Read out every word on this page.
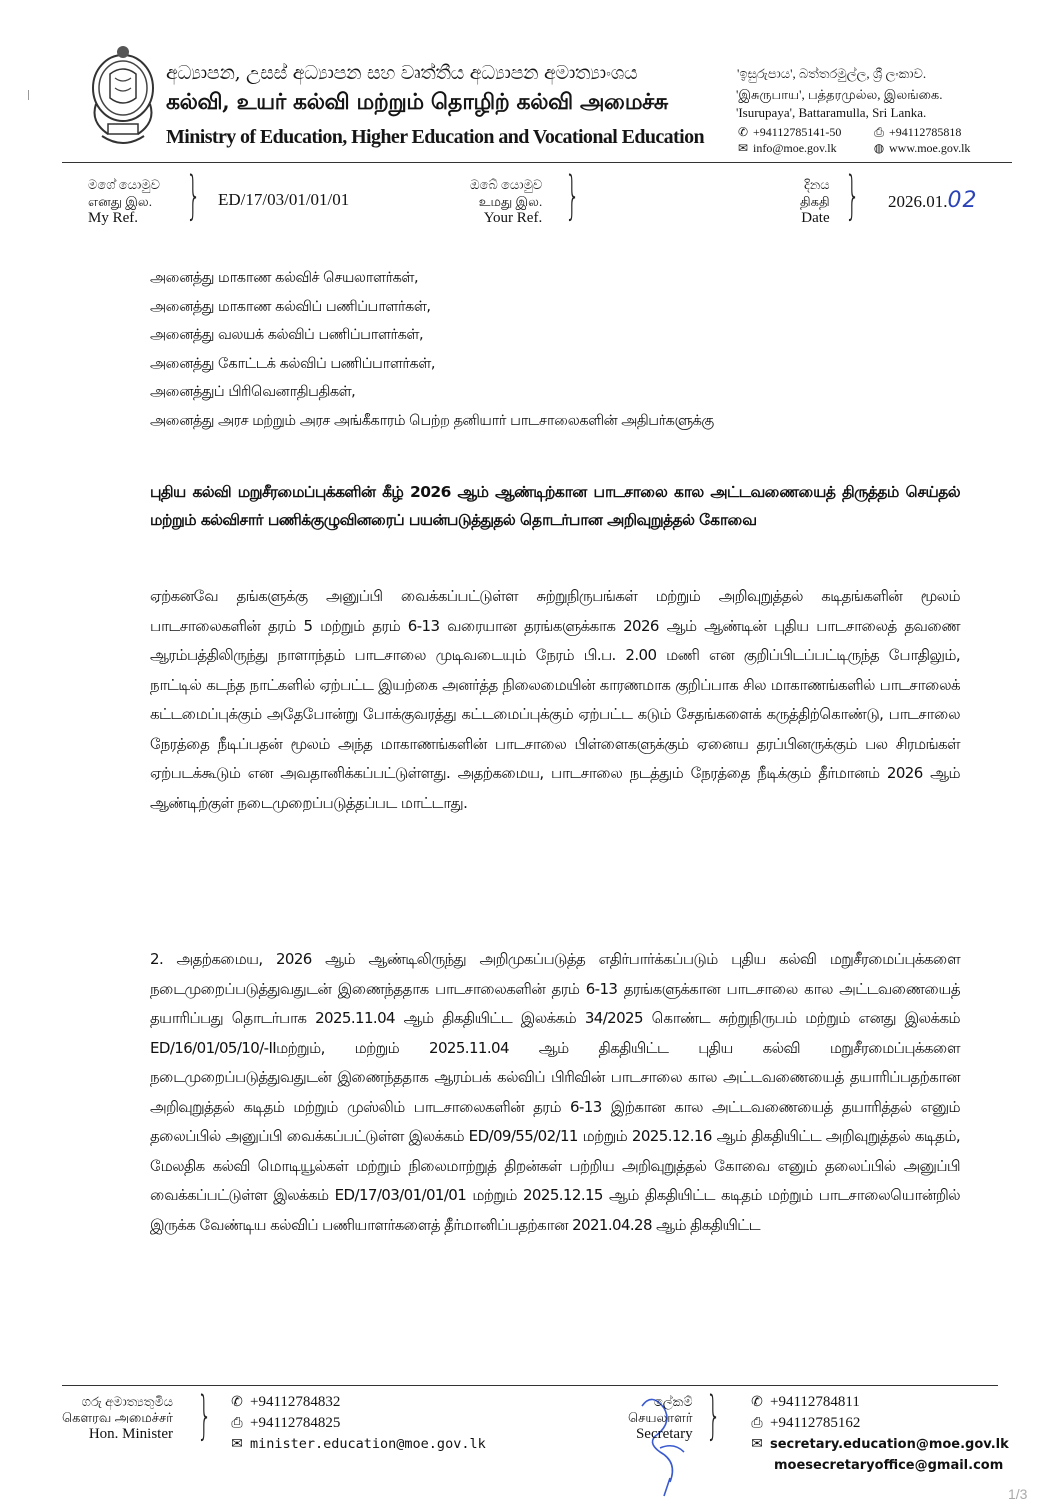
අධ්‍යාපන, උසස් අධ්‍යාපන සහ වෘත්තීය අධ්‍යාපන අමාත්‍යාංශය
கல்வி, உயர் கல்வி மற்றும் தொழிற் கல்வி அமைச்சு
Ministry of Education, Higher Education and Vocational Education
'ඉසුරුපාය', බත්තරමුල්ල, ශ්‍රී ලංකාව.
'இசுருபாய', பத்தரமுல்ல, இலங்கை.
'Isurupaya', Battaramulla, Sri Lanka.
✆ +94112785141-50	⎙ +94112785818
✉ info@moe.gov.lk	◍ www.moe.gov.lk
මගේ යොමුව
எனது இல.
My Ref. } ED/17/03/01/01/01
ඔබේ යොමුව
உமது இல.
Your Ref. }	දිනය
திகதி
Date } 2026.01.02
அனைத்து மாகாண கல்விச் செயலாளர்கள்,
அனைத்து மாகாண கல்விப் பணிப்பாளர்கள்,
அனைத்து வலயக் கல்விப் பணிப்பாளர்கள்,
அனைத்து கோட்டக் கல்விப் பணிப்பாளர்கள்,
அனைத்துப் பிரிவெனாதிபதிகள்,
அனைத்து அரச மற்றும் அரச அங்கீகாரம் பெற்ற தனியார் பாடசாலைகளின் அதிபர்களுக்கு
புதிய கல்வி மறுசீரமைப்புக்களின் கீழ் 2026 ஆம் ஆண்டிற்கான பாடசாலை கால அட்டவணையைத் திருத்தம் செய்தல் மற்றும் கல்விசார் பணிக்குழுவினரைப் பயன்படுத்துதல் தொடர்பான அறிவுறுத்தல் கோவை
ஏற்கனவே தங்களுக்கு அனுப்பி வைக்கப்பட்டுள்ள சுற்றுநிருபங்கள் மற்றும் அறிவுறுத்தல் கடிதங்களின் மூலம் பாடசாலைகளின் தரம் 5 மற்றும் தரம் 6-13 வரையான தரங்களுக்காக 2026 ஆம் ஆண்டின் புதிய பாடசாலைத் தவணை ஆரம்பத்திலிருந்து நாளாந்தம் பாடசாலை முடிவடையும் நேரம் பி.ப. 2.00 மணி என குறிப்பிடப்பட்டிருந்த போதிலும், நாட்டில் கடந்த நாட்களில் ஏற்பட்ட இயற்கை அனர்த்த நிலைமையின் காரணமாக குறிப்பாக சில மாகாணங்களில் பாடசாலைக் கட்டமைப்புக்கும் அதேபோன்று போக்குவரத்து கட்டமைப்புக்கும் ஏற்பட்ட கடும் சேதங்களைக் கருத்திற்கொண்டு, பாடசாலை நேரத்தை நீடிப்பதன் மூலம் அந்த மாகாணங்களின் பாடசாலை பிள்ளைகளுக்கும் ஏனைய தரப்பினருக்கும் பல சிரமங்கள் ஏற்படக்கூடும் என அவதானிக்கப்பட்டுள்ளது. அதற்கமைய, பாடசாலை நடத்தும் நேரத்தை நீடிக்கும் தீர்மானம் 2026 ஆம் ஆண்டிற்குள் நடைமுறைப்படுத்தப்பட மாட்டாது.
2. அதற்கமைய, 2026 ஆம் ஆண்டிலிருந்து அறிமுகப்படுத்த எதிர்பார்க்கப்படும் புதிய கல்வி மறுசீரமைப்புக்களை நடைமுறைப்படுத்துவதுடன் இணைந்ததாக பாடசாலைகளின் தரம் 6-13 தரங்களுக்கான பாடசாலை கால அட்டவணையைத் தயாரிப்பது தொடர்பாக 2025.11.04 ஆம் திகதியிட்ட இலக்கம் 34/2025 கொண்ட சுற்றுநிருபம் மற்றும் எனது இலக்கம் ED/16/01/05/10/-IIமற்றும், மற்றும் 2025.11.04 ஆம் திகதியிட்ட புதிய கல்வி மறுசீரமைப்புக்களை நடைமுறைப்படுத்துவதுடன் இணைந்ததாக ஆரம்பக் கல்விப் பிரிவின் பாடசாலை கால அட்டவணையைத் தயாரிப்பதற்கான அறிவுறுத்தல் கடிதம் மற்றும் முஸ்லிம் பாடசாலைகளின் தரம் 6-13 இற்கான கால அட்டவணையைத் தயாரித்தல் எனும் தலைப்பில் அனுப்பி வைக்கப்பட்டுள்ள இலக்கம் ED/09/55/02/11 மற்றும் 2025.12.16 ஆம் திகதியிட்ட அறிவுறுத்தல் கடிதம், மேலதிக கல்வி மொடியூல்கள் மற்றும் நிலைமாற்றுத் திறன்கள் பற்றிய அறிவுறுத்தல் கோவை எனும் தலைப்பில் அனுப்பி வைக்கப்பட்டுள்ள இலக்கம் ED/17/03/01/01/01 மற்றும் 2025.12.15 ஆம் திகதியிட்ட கடிதம் மற்றும் பாடசாலையொன்றில் இருக்க வேண்டிய கல்விப் பணியாளர்களைத் தீர்மானிப்பதற்கான 2021.04.28 ஆம் திகதியிட்ட
ගරු අමාත්‍යතුමිය
கௌரவ அமைச்சர்
Hon. Minister } ✆ +94112784832
⎙ +94112784825
✉ minister.education@moe.gov.lk
ලේකම්
செயலாளர்
Secretary } ✆ +94112784811
⎙ +94112785162
✉ secretary.education@moe.gov.lk
moesecretaryoffice@gmail.com
1/3
